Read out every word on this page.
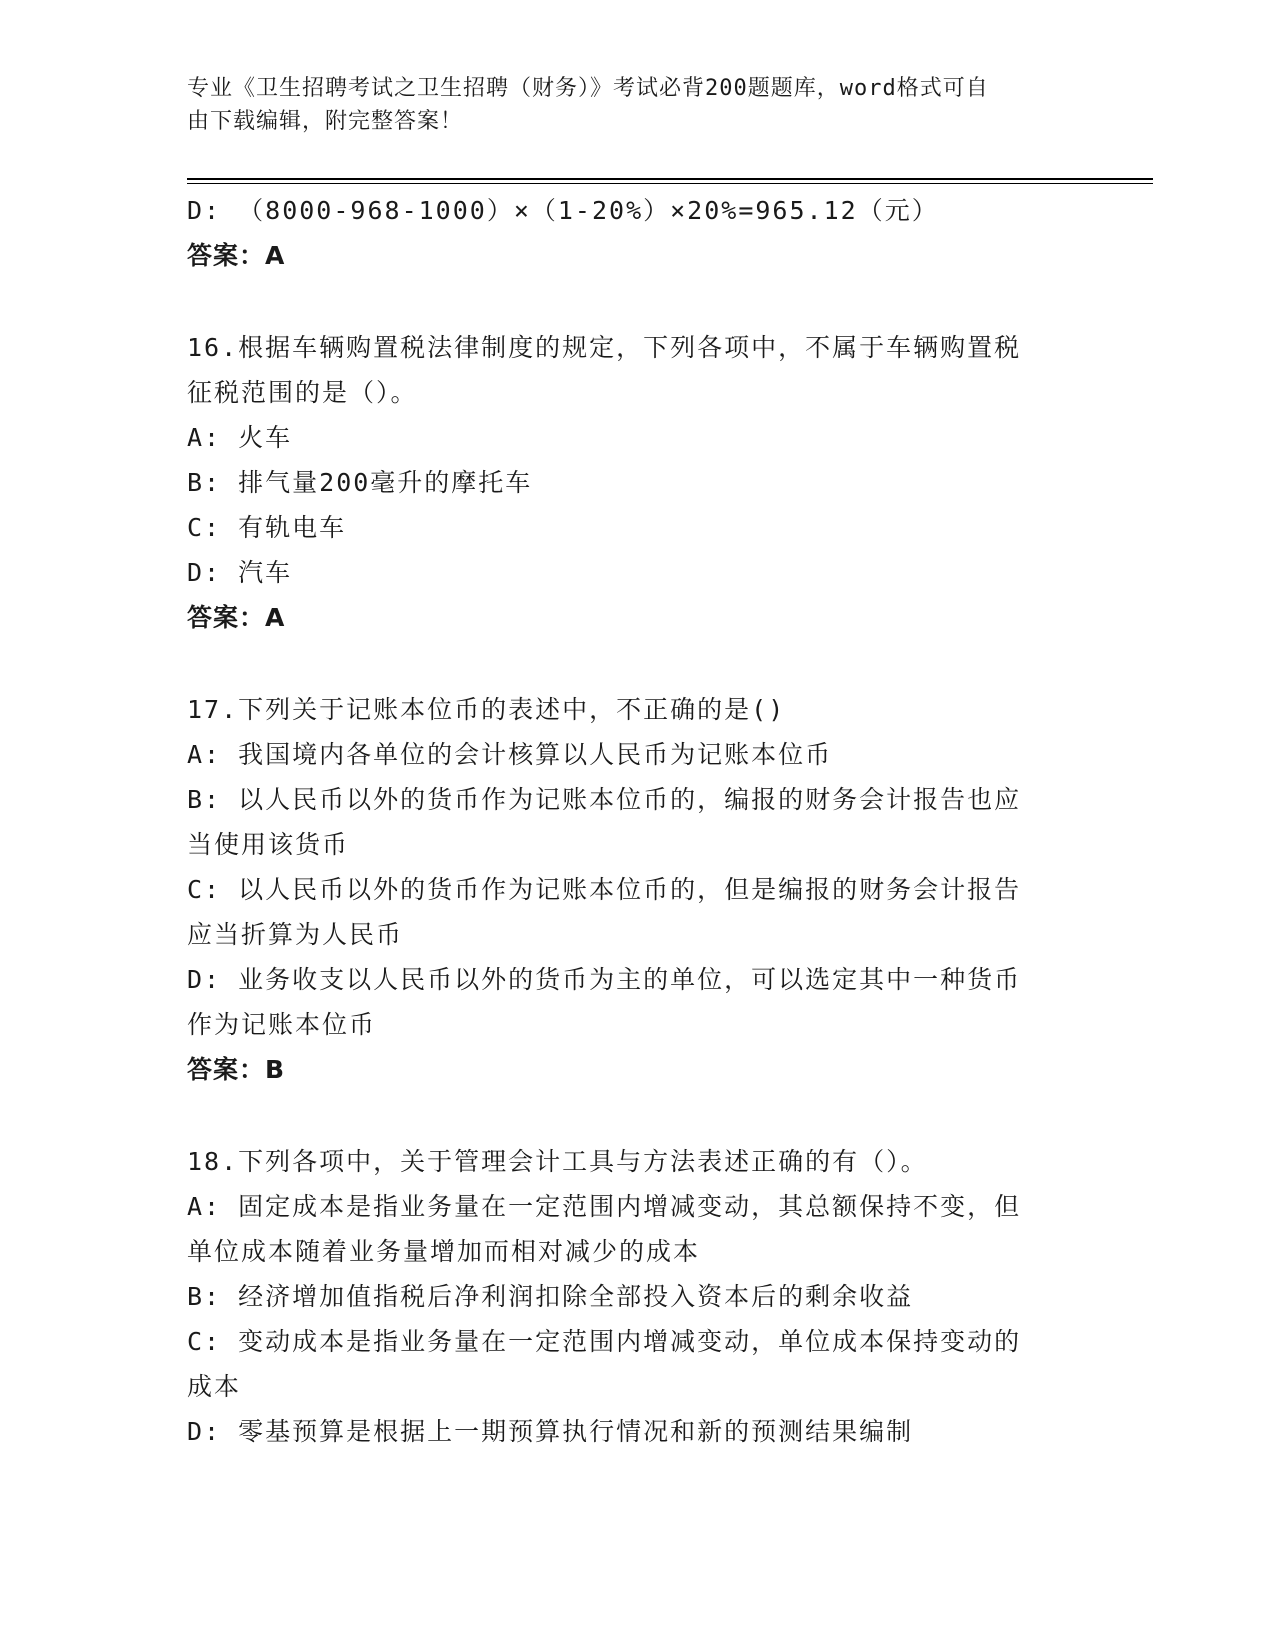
专业《卫生招聘考试之卫生招聘（财务）》考试必背200题题库，word格式可自
由下载编辑，附完整答案！
D: （8000-968-1000）×（1-20%）×20%=965.12（元）
答案：A
16.根据车辆购置税法律制度的规定，下列各项中，不属于车辆购置税
征税范围的是（）。
A: 火车
B: 排气量200毫升的摩托车
C: 有轨电车
D: 汽车
答案：A
17.下列关于记账本位币的表述中，不正确的是()
A: 我国境内各单位的会计核算以人民币为记账本位币
B: 以人民币以外的货币作为记账本位币的，编报的财务会计报告也应
当使用该货币
C: 以人民币以外的货币作为记账本位币的，但是编报的财务会计报告
应当折算为人民币
D: 业务收支以人民币以外的货币为主的单位，可以选定其中一种货币
作为记账本位币
答案：B
18.下列各项中，关于管理会计工具与方法表述正确的有（）。
A: 固定成本是指业务量在一定范围内增减变动，其总额保持不变，但
单位成本随着业务量增加而相对减少的成本
B: 经济增加值指税后净利润扣除全部投入资本后的剩余收益
C: 变动成本是指业务量在一定范围内增减变动，单位成本保持变动的
成本
D: 零基预算是根据上一期预算执行情况和新的预测结果编制
